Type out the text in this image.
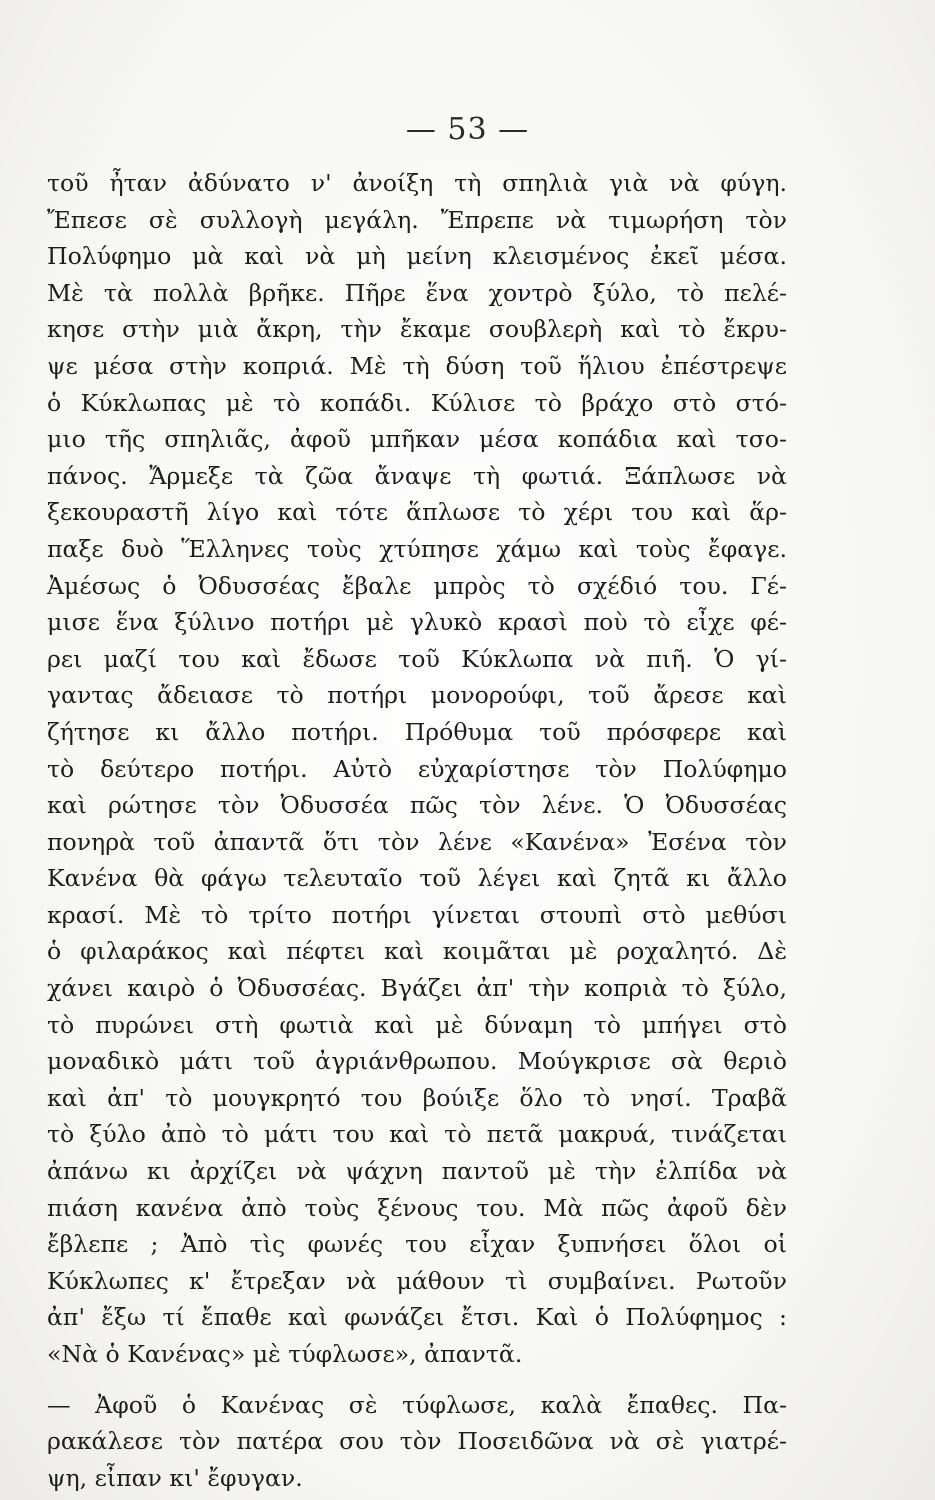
— 53 —
τοῦ ἦταν ἀδύνατο ν' ἀνοίξη τὴ σπηλιὰ γιὰ νὰ φύγη.
Ἔπεσε σὲ συλλογὴ μεγάλη. Ἔπρεπε νὰ τιμωρήση τὸν
Πολύφημο μὰ καὶ νὰ μὴ μείνη κλεισμένος ἐκεῖ μέσα.
Μὲ τὰ πολλὰ βρῆκε. Πῆρε ἕνα χοντρὸ ξύλο, τὸ πελέ-
κησε στὴν μιὰ ἄκρη, τὴν ἔκαμε σουβλερὴ καὶ τὸ ἔκρυ-
ψε μέσα στὴν κοπριά. Μὲ τὴ δύση τοῦ ἥλιου ἐπέστρεψε
ὁ Κύκλωπας μὲ τὸ κοπάδι. Κύλισε τὸ βράχο στὸ στό-
μιο τῆς σπηλιᾶς, ἀφοῦ μπῆκαν μέσα κοπάδια καὶ τσο-
πάνος. Ἄρμεξε τὰ ζῶα ἄναψε τὴ φωτιά. Ξάπλωσε νὰ
ξεκουραστῆ λίγο καὶ τότε ἅπλωσε τὸ χέρι του καὶ ἅρ-
παξε δυὸ Ἕλληνες τοὺς χτύπησε χάμω καὶ τοὺς ἔφαγε.
Ἀμέσως ὁ Ὀδυσσέας ἔβαλε μπρὸς τὸ σχέδιό του. Γέ-
μισε ἕνα ξύλινο ποτήρι μὲ γλυκὸ κρασὶ ποὺ τὸ εἶχε φέ-
ρει μαζί του καὶ ἔδωσε τοῦ Κύκλωπα νὰ πιῆ. Ὁ γί-
γαντας ἄδειασε τὸ ποτήρι μονορούφι, τοῦ ἄρεσε καὶ
ζήτησε κι ἄλλο ποτήρι. Πρόθυμα τοῦ πρόσφερε καὶ
τὸ δεύτερο ποτήρι. Αὐτὸ εὐχαρίστησε τὸν Πολύφημο
καὶ ρώτησε τὸν Ὀδυσσέα πῶς τὸν λένε. Ὁ Ὀδυσσέας
πονηρὰ τοῦ ἀπαντᾶ ὅτι τὸν λένε «Κανένα» Ἐσένα τὸν
Κανένα θὰ φάγω τελευταῖο τοῦ λέγει καὶ ζητᾶ κι ἄλλο
κρασί. Μὲ τὸ τρίτο ποτήρι γίνεται στουπὶ στὸ μεθύσι
ὁ φιλαράκος καὶ πέφτει καὶ κοιμᾶται μὲ ροχαλητό. Δὲ
χάνει καιρὸ ὁ Ὀδυσσέας. Βγάζει ἀπ' τὴν κοπριὰ τὸ ξύλο,
τὸ πυρώνει στὴ φωτιὰ καὶ μὲ δύναμη τὸ μπήγει στὸ
μοναδικὸ μάτι τοῦ ἀγριάνθρωπου. Μούγκρισε σὰ θεριὸ
καὶ ἀπ' τὸ μουγκρητό του βούιξε ὅλο τὸ νησί. Τραβᾶ
τὸ ξύλο ἀπὸ τὸ μάτι του καὶ τὸ πετᾶ μακρυά, τινάζεται
ἀπάνω κι ἀρχίζει νὰ ψάχνη παντοῦ μὲ τὴν ἐλπίδα νὰ
πιάση κανένα ἀπὸ τοὺς ξένους του. Μὰ πῶς ἀφοῦ δὲν
ἔβλεπε ; Ἀπὸ τὶς φωνές του εἶχαν ξυπνήσει ὅλοι οἱ
Κύκλωπες κ' ἔτρεξαν νὰ μάθουν τὶ συμβαίνει. Ρωτοῦν
ἀπ' ἔξω τί ἔπαθε καὶ φωνάζει ἔτσι. Καὶ ὁ Πολύφημος :
«Νὰ ὁ Κανένας» μὲ τύφλωσε», ἀπαντᾶ.
— Ἀφοῦ ὁ Κανένας σὲ τύφλωσε, καλὰ ἔπαθες. Πα-
ρακάλεσε τὸν πατέρα σου τὸν Ποσειδῶνα νὰ σὲ γιατρέ-
ψη, εἶπαν κι' ἔφυγαν.
